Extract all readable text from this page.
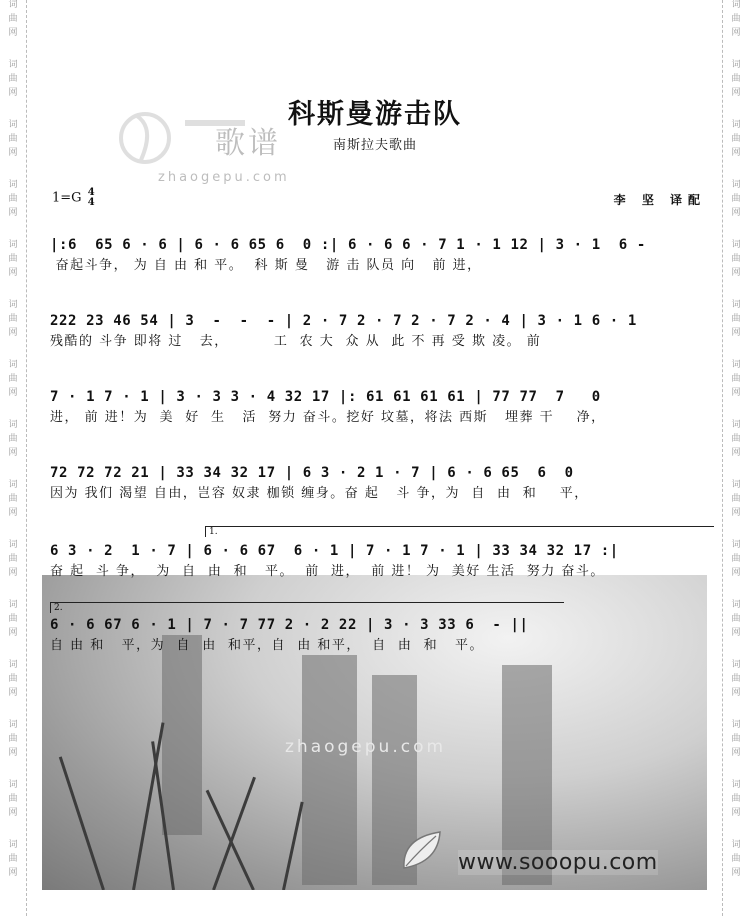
词
曲
网
词
曲
网
词
曲
网
词
曲
网
词
曲
网
词
曲
网
词
曲
网
词
曲
网
词
曲
网
词
曲
网
词
曲
网
词
曲
网
词
曲
网
词
曲
网
词
曲
网
词
曲
网
词
曲
网
词
曲
网
词
曲
网
词
曲
网
词
曲
网
词
曲
网
词
曲
网
词
曲
网
词
曲
网
词
曲
网
词
曲
网
词
曲
网
词
曲
网
词
曲
网
歌谱
zhaogepu.com
科斯曼游击队
南斯拉夫歌曲
1=G 4
4	李 坚 译配
zhaogepu.com
|:6  65 6 · 6 | 6 · 6 65 6  0 :| 6 · 6 6 · 7 1 · 1 12 | 3 · 1  6 -
奋起斗争， 为 自 由 和 平。  科 斯 曼   游 击 队员 向   前 进，
222 23 46 54 | 3  -  -  - | 2 · 7 2 · 7 2 · 7 2 · 4 | 3 · 1 6 · 1
残酷的 斗争 即将 过   去，        工  农 大  众 从  此 不 再 受 欺 凌。 前
7 · 1 7 · 1 | 3 · 3 3 · 4 32 17 |: 61 61 61 61 | 77 77  7   0
进， 前 进！为  美  好  生   活  努力 奋斗。挖好 坟墓，将法 西斯   埋葬 干    净，
72 72 72 21 | 33 34 32 17 | 6 3 · 2 1 · 7 | 6 · 6 65  6  0
因为 我们 渴望 自由，岂容 奴隶 枷锁 缠身。奋 起   斗 争，为  自  由  和    平，
1.
6 3 · 2  1 · 7 | 6 · 6 67  6 · 1 | 7 · 1 7 · 1 | 33 34 32 17 :|
奋 起  斗 争，  为  自  由  和   平。  前  进，  前 进！ 为  美好 生活  努力 奋斗。
2.
6 · 6 67 6 · 1 | 7 · 7 77 2 · 2 22 | 3 · 3 33 6  - ||
自 由 和   平，为  自  由  和平，自  由 和平，  自  由  和   平。
www.sooopu.com
